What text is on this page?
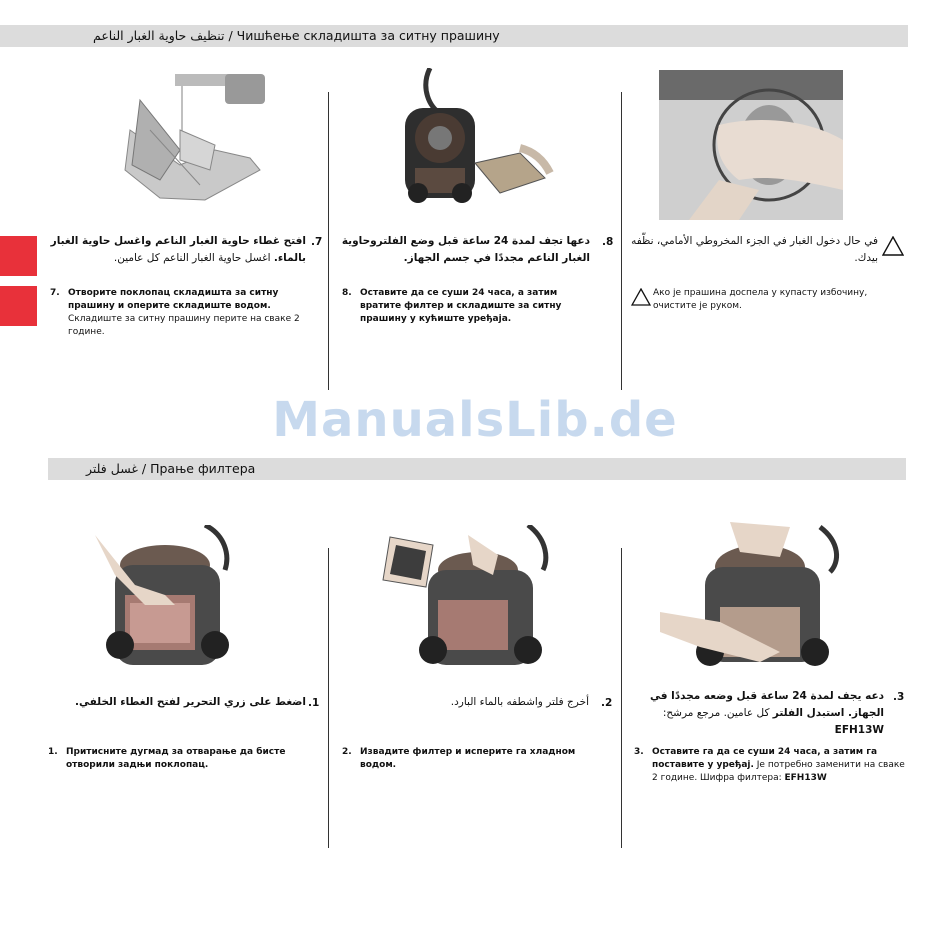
تنظيف حاوية الغبار الناعم / Чишћење складишта за ситну прашину
غسل فلتر / Прање филтера
افتح غطاء حاوية الغبار الناعم واغسل حاوية الغبار بالماء. اغسل حاوية الغبار الناعم كل عامين.
.7 دعها تجف لمدة 24 ساعة قبل وضع الفلتروحاوية الغبار الناعم مجددًا في جسم الجهاز.
.8 في حال دخول الغبار في الجزء المخروطي الأمامي، نظّفه بيدك.
7. Отворите поклопац складишта за ситну прашину и оперите складиште водом. Складиште за ситну прашину перите на сваке 2 године.
8. Оставите да се суши 24 часа, а затим вратите филтер и складиште за ситну прашину у кућиште уређаја.
Ако је прашина доспела у купасту избочину, очистите је руком.
ManualsLib.de
اضغط على زري التحرير لفتح الغطاء الخلفي. .1	أخرج فلتر واشطفه بالماء البارد. .2
دعه يجف لمدة 24 ساعة قبل وضعه مجددًا في الجهاز. استبدل الفلتر كل عامين. مرجع مرشح: EFH13W
.3
1. Притисните дугмад за отварање да бисте отворили задњи поклопац.
2. Извадите филтер и исперите га хладном водом.
3. Оставите га да се суши 24 часа, а затим га поставите у уређај. Је потребно заменити на сваке 2 године. Шифра филтера: EFH13W
